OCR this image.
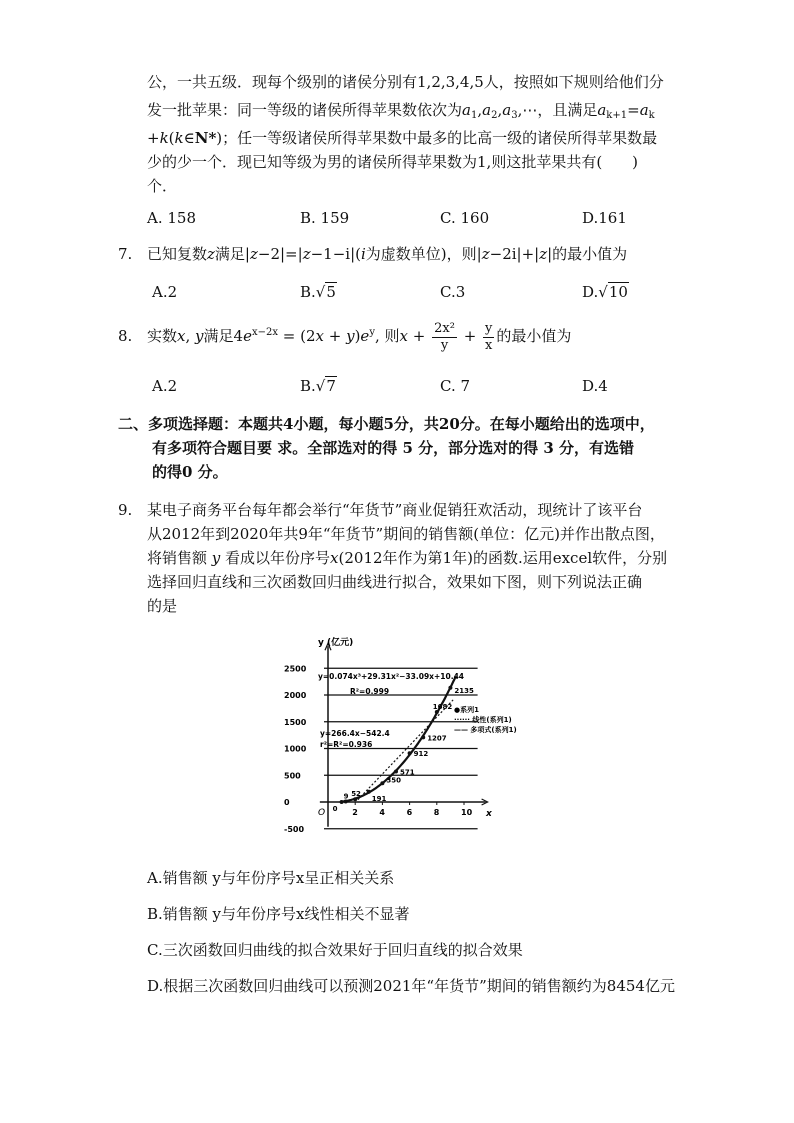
公，一共五级．现每个级别的诸侯分别有1,2,3,4,5人，按照如下规则给他们分
发一批苹果：同一等级的诸侯所得苹果数依次为$a_1,a_2,a_3,\cdots$，且满足$a_{k+1}=a_k$
+k(k∈N*)；任一等级诸侯所得苹果数中最多的比高一级的诸侯所得苹果数最
少的少一个．现已知等级为男的诸侯所得苹果数为1,则这批苹果共有(　　)
个．
A. 158	B. 159	C. 160	D.161
7. 已知复数z满足|z−2|=|z−1−i|(i为虚数单位)，则|z−2i|+|z|的最小值为
A.2	B.√5	C.3	D.√10
8. 实数x, y满足$4e^{x-2x} = (2x + y)e^y$, 则$x + \frac{\text{2x²}}{y} + \frac{y}{x}$ 的最小值为
A.2	B.√7	C. 7	D.4
二、多项选择题：本题共4小题，每小题5分，共20分。在每小题给出的选项中，
有多项符合题目要 求。全部选对的得 5 分，部分选对的得 3 分，有选错
的得0 分。
9. 某电子商务平台每年都会举行“年货节”商业促销狂欢活动，现统计了该平台
从2012年到2020年共9年“年货节”期间的销售额(单位：亿元)并作出散点图，
将销售额 y 看成以年份序号x(2012年作为第1年)的函数.运用excel软件，分别
选择回归直线和三次函数回归曲线进行拟合，效果如下图，则下列说法正确
的是
-500
0
500
1000
1500
2000
2500
2	4	6	8	10
0
9 52
191
350
571
912
1207
1682
2135
y (亿元)
x
O
y=0.074x³+29.31x²−33.09x+10.44
R²=0.999
y=266.4x−542.4
r²=R²=0.936
●系列1
······ 线性(系列1)
—— 多项式(系列1)
A.销售额 y与年份序号x呈正相关关系
B.销售额 y与年份序号x线性相关不显著
C.三次函数回归曲线的拟合效果好于回归直线的拟合效果
D.根据三次函数回归曲线可以预测2021年“年货节”期间的销售额约为8454亿元
